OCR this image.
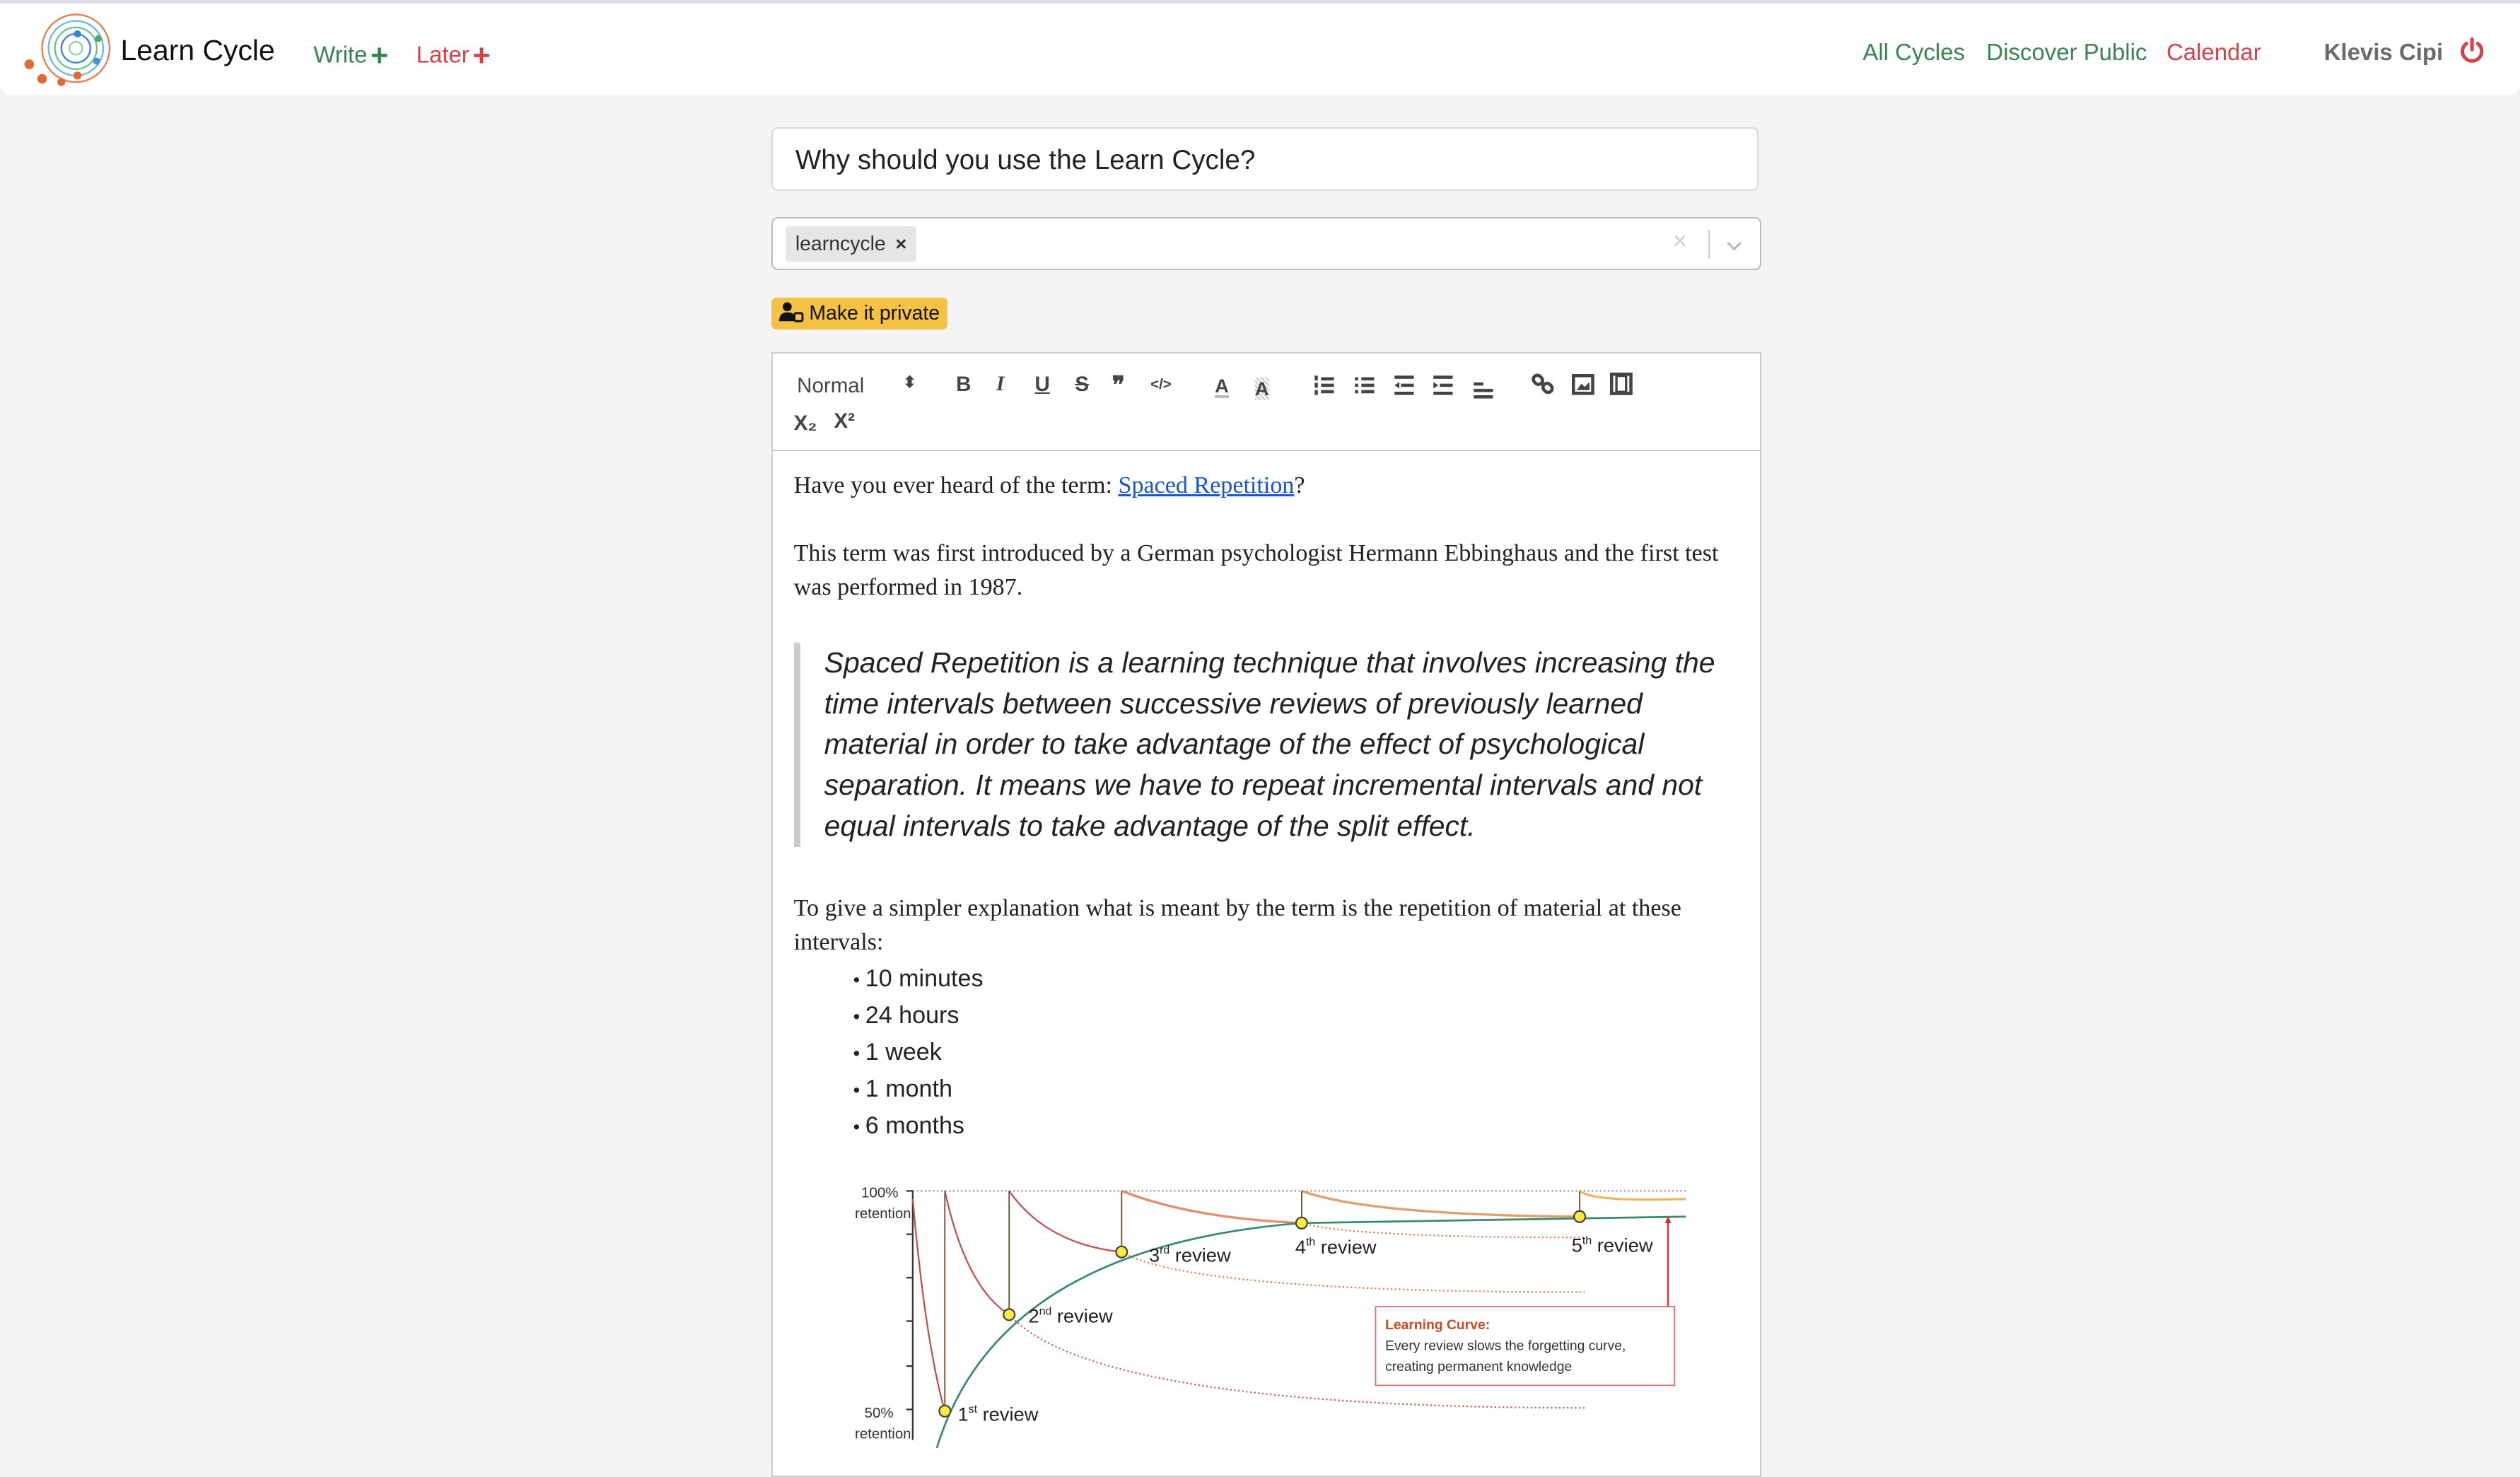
Learn Cycle	Write +	Later +	All Cycles Discover Public Calendar	Klevis Cipi
Why should you use the Learn Cycle?
learncycle ×	×
Make it private
Normal	⬍	B	I	U	S ❞	</>	A	A
X₂ X²
Have you ever heard of the term: Spaced Repetition?
This term was first introduced by a German psychologist Hermann Ebbinghaus and the first test was performed in 1987.
Spaced Repetition is a learning technique that involves increasing the time intervals between successive reviews of previously learned material in order to take advantage of the effect of psychological separation. It means we have to repeat incremental intervals and not equal intervals to take advantage of the split effect.
To give a simpler explanation what is meant by the term is the repetition of material at these intervals:
• 10 minutes
• 24 hours
• 1 week
• 1 month
• 6 months
100%
retention
50%
retention
1st review
2nd review
3rd review	4th review	5th review
Learning Curve:
Every review slows the forgetting curve,
creating permanent knowledge
